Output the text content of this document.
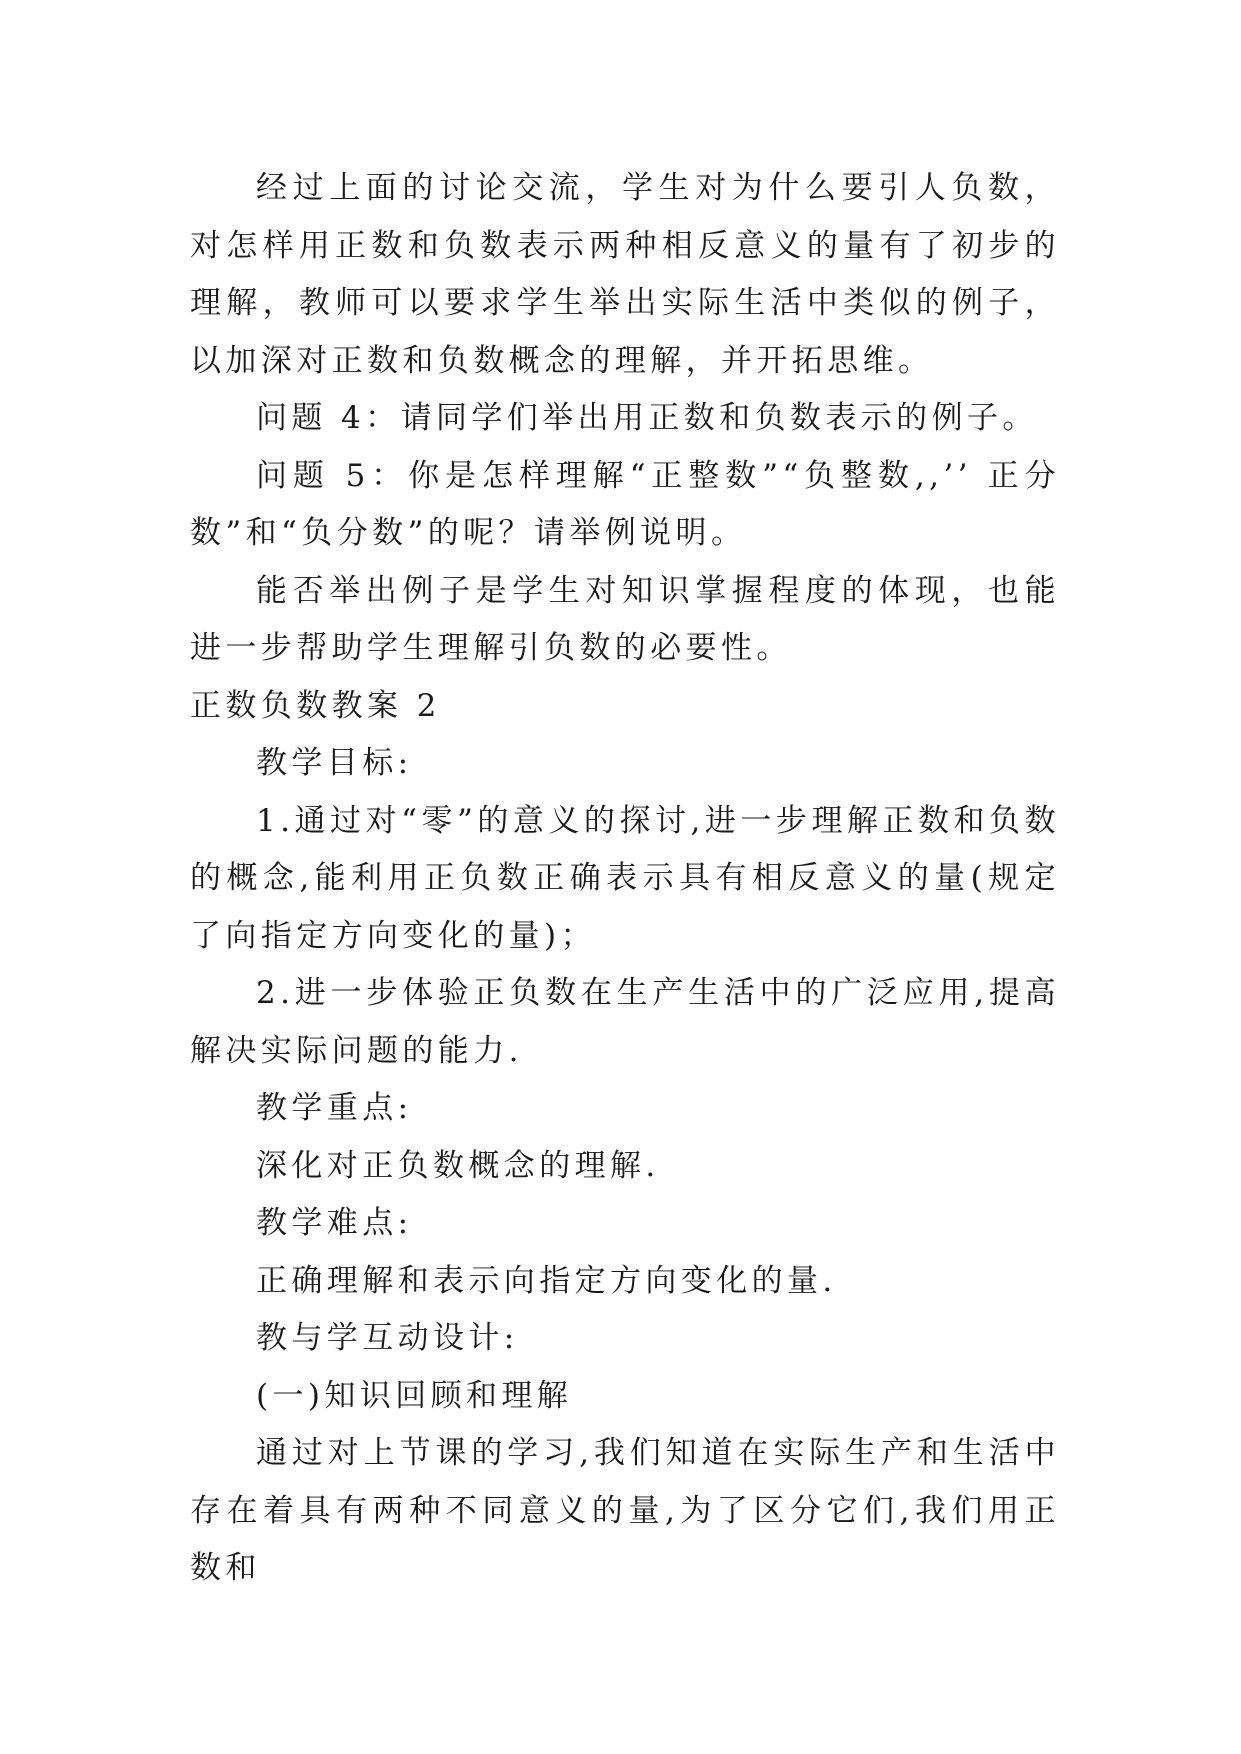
经过上面的讨论交流，学生对为什么要引人负数，对怎样用正数和负数表示两种相反意义的量有了初步的理解，教师可以要求学生举出实际生活中类似的例子，以加深对正数和负数概念的理解，并开拓思维。

问题 4：请同学们举出用正数和负数表示的例子。

问题 5：你是怎样理解“正整数”“负整数,,’’ 正分数”和“负分数”的呢？请举例说明。

能否举出例子是学生对知识掌握程度的体现，也能进一步帮助学生理解引负数的必要性。

正数负数教案 2

教学目标:

1.通过对“零”的意义的探讨,进一步理解正数和负数的概念,能利用正负数正确表示具有相反意义的量(规定了向指定方向变化的量)；

2.进一步体验正负数在生产生活中的广泛应用,提高解决实际问题的能力.

教学重点:

深化对正负数概念的理解.

教学难点:

正确理解和表示向指定方向变化的量.

教与学互动设计:

(一)知识回顾和理解

通过对上节课的学习,我们知道在实际生产和生活中存在着具有两种不同意义的量,为了区分它们,我们用正数和
